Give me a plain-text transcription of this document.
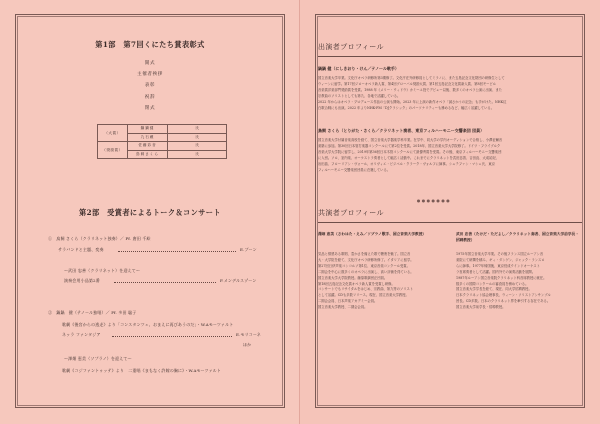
第1部　第7回くにたち賞表彰式
開式
主催者挨拶
表彰
祝辞
閉式
（大賞）	鍋鍋健	氏
	九石蔵	氏
（奨励賞）	佐藤彩音	氏
	鳥飼さくら	氏
第2部　受賞者によるトーク＆コンサート
①　鳥飼 さくら（クラリネット独奏）／ Pf. 唐田 千絵
サラバンドと主題、変奏	E.ブーン
〜武田 忠善（クラリネット）を迎えて〜
演奏会用小品第2番	F.メンデルスゾーン
②　鍋鍋　健（テノール独唱）／ Pf. 多田 聡子
歌劇《後宮からの逃走》より「コンスタンツェ、おまえに再びあうのだ」・W.Aモーツァルト
ネッラ ファンタジア	E.モリコーネ
ほか
〜澤畑 恵美（ソプラノ）を迎えて〜
歌劇《コジファントゥッテ》より　二重唱《まもなく許嫁の胸に》・W.Aモーツァルト
出演者プロフィール
鍋鍋 健（にしきおり・けん／テノール歌手）
国立音楽大学卒業。文化庁オペラ研修所第3期修了。文化庁在外研修員としてミラノに、また五島記念文化財団の研修生として
ウィーンに留学。第17回ジローオペラ新人賞、第4回グローバル奨励大賞、第1回五島記念文化賞新人賞、第8回モービル
音楽賞洋楽部門奨励賞を受賞。1988 年《メリー・ウィドウ》カミーユ役でデビュー以後、数多くのオペラ公演に出演、また
宗教曲のソリストとしても第九、各地で活躍している。
2022 年からはオペラ・プロデュース作品の公演も開始。2023 年に上演の新作オペラ「誠さかうの記念」も手がけた。NHK紅
白歌合戦にも出演。2022 年よりNHK-FM「DJクラシック」のパーソナリティーも務めるなど、幅広く活躍している。
鳥飼 さくら（とりがた・さくら／クラリネット奏者、東京フィルハーモニー交響楽団 団員）
国立音楽大学付属音楽高校を経て、国立音楽大学器楽学科卒業。在学中、同大学の学内オーディションで合格し、小澤征爾音
楽塾に参加。第30回日本管打楽器コンクールにて第2位を受賞。2018年、国立音楽大学大学院修了。ドイツ・フライブルク
音楽大学大学院に留学し、2019年第36回日本木管コンクールにて最優秀賞を受賞。その後、東京フィルハーモニー交響楽団
に入団。ソロ、室内楽、オーケストラ奏者として幅広く活動中。これまでにクラリネットを武田忠善、吉田直、大成祐紀、
岩田晶、フローリアン・ヴォール、オリヴィエ・ビジベル・クラーク・ヴォルフに師事。シュテファン・マシェ氏、東京
フィルハーモニー交響楽団団員に在籍している。
●●●●●●●
共演者プロフィール
澤畑 恵美（さわはた・えみ／ソプラノ歌手、国立音楽大学教授）
気品と情感ある歌唱、豊かさを備えた歌で聴衆を魅了。国立音
大・大学院を経て、文化庁オペラ研修所修了。イタリアに留学。
第27回日伊声楽コンコルソ第1位、東京音楽コンクール受賞。
二期会を中心に数多くのオペラに出演し、高い評価を得ている。
国立音楽大学大学院教授。藤原歌劇団正団員。
第18回五島記念文化賞オペラ新人賞を受賞し研修。
コンサートでもリサイタルをはじめ、宗教曲、第九等のソリスト
として活躍。CDも多数リリース。現在、国立音楽大学教授。
二期会会員、日本声楽アカデミー会員。
国立音楽大学教授、二期会会員。
武田 忠善（たけだ・ただよし／クラリネット奏者、国立音楽大学前学長・招聘教授）
1975年国立音楽大学卒業。その後フランス国立ルーアン音
楽院にて研鑽を積み、ギィ・ダンゲン、ジャック・ランスロ
らに師事。1977年帰国後、東京佼成ウインドオーケスト
ラ首席奏者として活躍。国内外での演奏活動を展開。
1987年ルーアン国立音楽院クラリネット科首席教授に就任。
数多くの国際コンクールの審査員を務めている。
国立音楽大学学長を経て、現在、同大学招聘教授。
日本クラリネット協会理事長、ウィーン・ソリストアンサンブル
団長。CD多数。日本のクラリネット界を牽引する存在である。
国立音楽大学前学長・招聘教授。
